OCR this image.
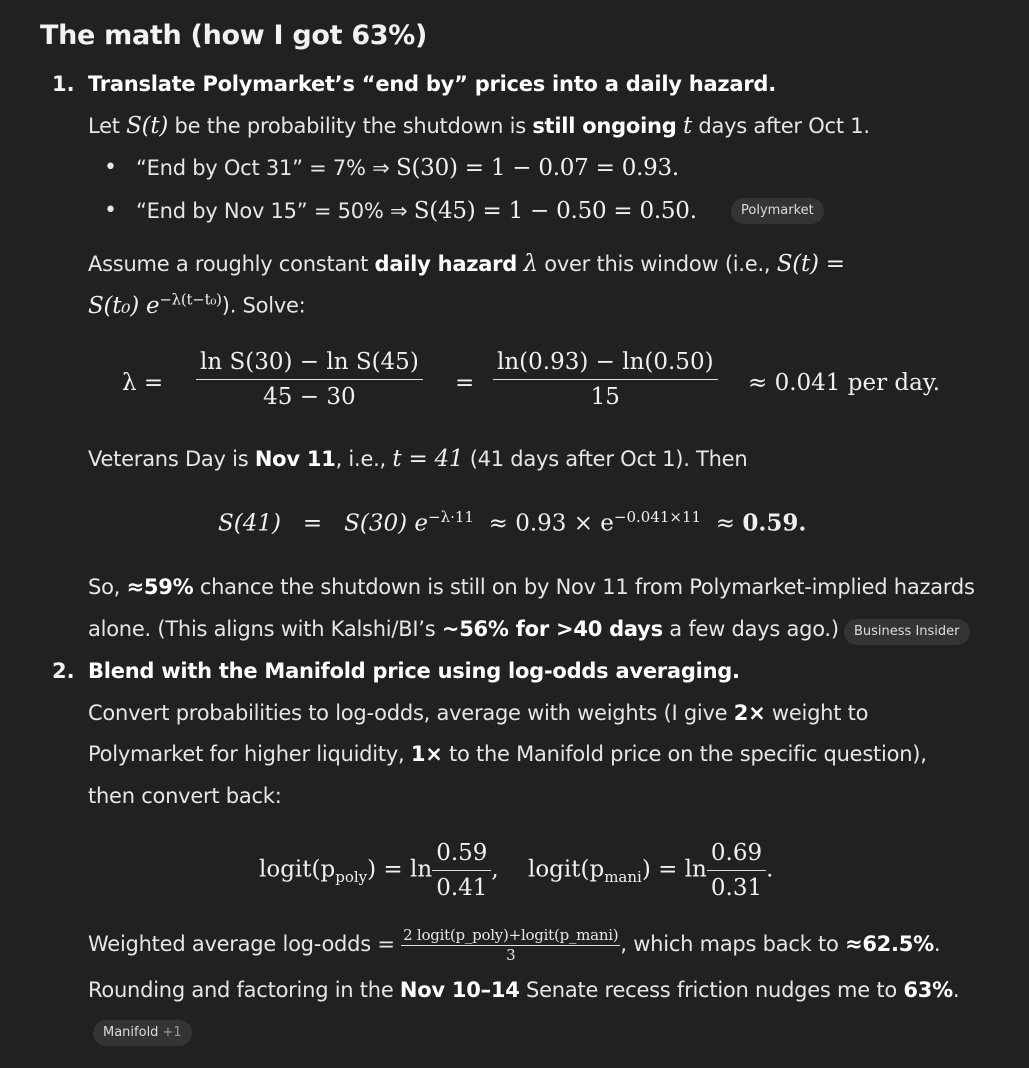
The math (how I got 63%)
1. Translate Polymarket’s “end by” prices into a daily hazard.
Let S(t) be the probability the shutdown is still ongoing t days after Oct 1.
• “End by Oct 31” = 7% ⇒ S(30) = 1 − 0.07 = 0.93.
• “End by Nov 15” = 50% ⇒ S(45) = 1 − 0.50 = 0.50.	Polymarket
Assume a roughly constant daily hazard λ over this window (i.e., S(t) =
S(t₀) $e^{-\lambda(t-t_0)}$). Solve:
$\lambda = \frac{\text{ln S(30) − ln S(45)}}{45 - 30} = \frac{\ln(0.93) - \ln(0.50)}{15} \approx 0.041$ per day.
Veterans Day is Nov 11, i.e., t = 41 (41 days after Oct 1). Then
S(41) = S(30) $e^{-\lambda\cdot 11} \approx 0.93 \times e^{-0.041\times 11} \approx 0.59$.
So, ≈59% chance the shutdown is still on by Nov 11 from Polymarket-implied hazards
alone. (This aligns with Kalshi/BI’s ~56% for >40 days a few days ago.)	Business Insider
2. Blend with the Manifold price using log-odds averaging.
Convert probabilities to log-odds, average with weights (I give 2× weight to
Polymarket for higher liquidity, 1× to the Manifold price on the specific question),
then convert back:
$logit(p_{poly}) = \ln \frac{0.59}{0.41}$ , $logit(p_{mani}) = \ln \frac{0.69}{0.31}$ .
Weighted average log-odds = 2 logit(p_poly)+logit(p_mani)
3	, which maps back to ≈62.5%.
Rounding and factoring in the Nov 10–14 Senate recess friction nudges me to 63%.
Manifold +1
